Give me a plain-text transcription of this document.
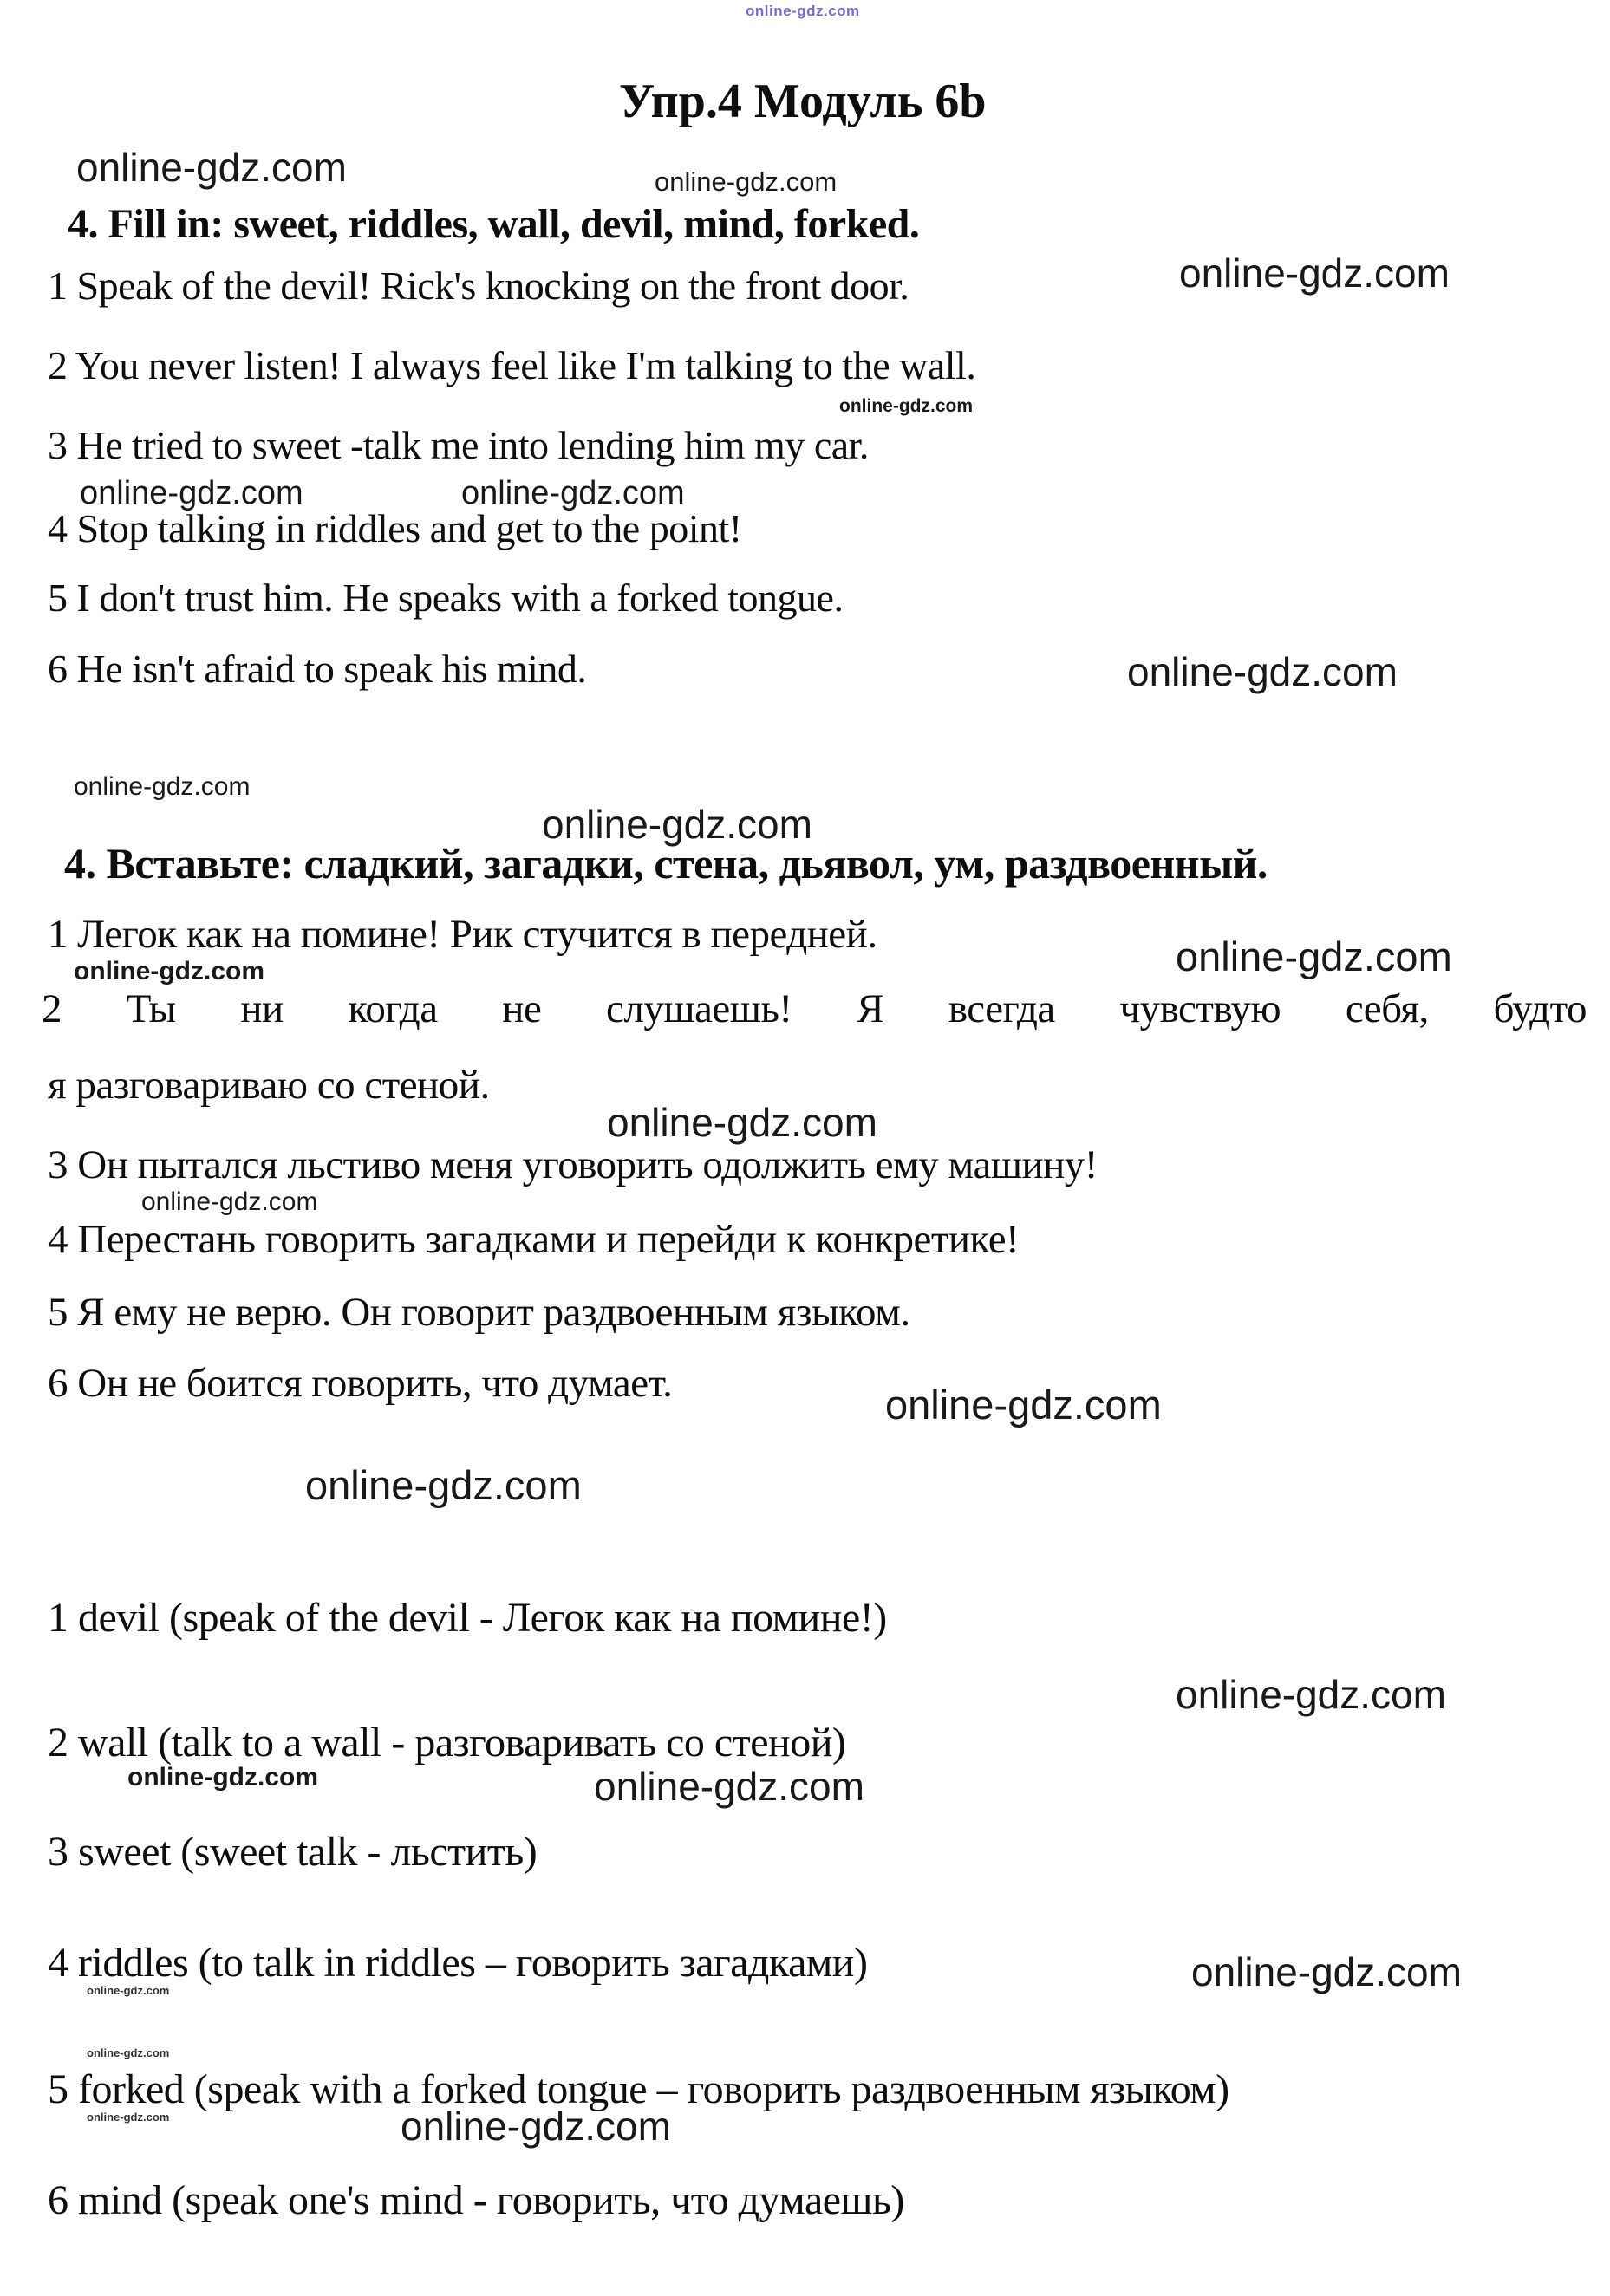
online-gdz.com
Упр.4 Модуль 6b
online-gdz.com	online-gdz.com
4. Fill in: sweet, riddles, wall, devil, mind, forked.
1 Speak of the devil! Rick's knocking on the front door.	online-gdz.com
2 You never listen! I always feel like I'm talking to the wall.
online-gdz.com
3 He tried to sweet -talk me into lending him my car.
online-gdz.com	online-gdz.com
4 Stop talking in riddles and get to the point!
5 I don't trust him. He speaks with a forked tongue.
6 He isn't afraid to speak his mind.	online-gdz.com
online-gdz.com
online-gdz.com
4. Вставьте: сладкий, загадки, стена, дьявол, ум, раздвоенный.
1 Легок как на помине! Рик стучится в передней.	online-gdz.com
online-gdz.com
2 Ты ни когда не слушаешь! Я всегда чувствую себя, будто
я разговариваю со стеной.
online-gdz.com
3 Он пытался льстиво меня уговорить одолжить ему машину!
online-gdz.com
4 Перестань говорить загадками и перейди к конкретике!
5 Я ему не верю. Он говорит раздвоенным языком.
6 Он не боится говорить, что думает.	online-gdz.com
online-gdz.com
1 devil (speak of the devil - Легок как на помине!)
online-gdz.com
2 wall (talk to a wall - разговаривать со стеной)
online-gdz.com	online-gdz.com
3 sweet (sweet talk - льстить)
4 riddles (to talk in riddles – говорить загадками)	online-gdz.com
online-gdz.com
online-gdz.com
5 forked (speak with a forked tongue – говорить раздвоенным языком)
online-gdz.com	online-gdz.com
6 mind (speak one's mind - говорить, что думаешь)
